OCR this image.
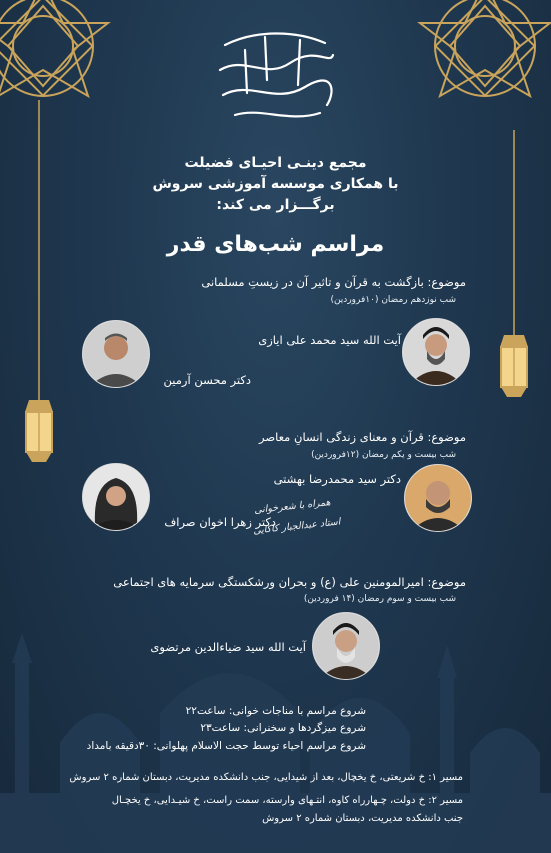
مجمع دینـی احیـای فضیلت
با همکاری موسسه آموزشی سروش
برگـــزار می کند:
مراسم شب‌های قدر
موضوع: بازگشت به قرآن و تاثیر آن در زیستِ مسلمانی
شب نوزدهم رمضان (۱۰فروردین)
آیت الله سید محمد علی ایازی
دکتر محسن آرمین
موضوع: قرآن و معنای زندگی انسانِ معاصر
شب بیست و یکم رمضان (۱۲فروردین)
دکتر سید محمدرضا بهشتی
دکتر زهرا اخوان صراف
همراه با شعرخوانی
استاد عبدالجبار کاکایی
موضوع: امیرالمومنین علی (ع) و بحران ورشکستگی سرمایه های اجتماعی
شب بیست و سوم رمضان (۱۴ فروردین)
آیت الله سید ضیاءالدین مرتضوی
شروع مراسم با مناجات خوانی: ساعت۲۲
شروع میزگردها و سخنرانی: ساعت۲۳
شروع مراسم احیاء توسط حجت الاسلام پهلوانی: ۳۰دقیقه بامداد
مسیر ۱: خ شریعتی، خ یخچال، بعد از شیدایی، جنب دانشکده مدیریت، دبستان شماره ۲ سروش
مسیر ۲: خ دولت، چـهارراه کاوه، انتـهای وارسته، سمت راست، خ شیـدایی، خ یخچـال
جنب دانشکده مدیریت، دبستان شماره ۲ سروش
